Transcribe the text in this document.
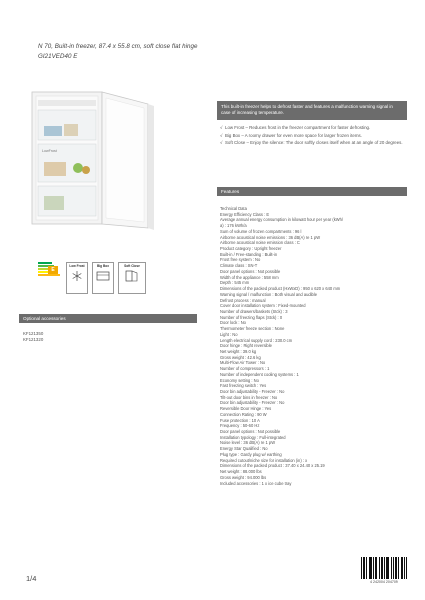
N 70, Built-in freezer, 87.4 x 55.8 cm, soft close flat hinge
GI21VED40 E
LowFrost
E
Low Frost	Big Box	Soft Close
Optional accessories
KF121350
KF121320
This built-in freezer helps to defrost faster and features a malfunction warning signal in case of increasing temperature.
√ Low Frost – Reduces frost in the freezer compartment for faster defrosting.
√ Big Box – A roomy drawer for even more space for larger frozen items.
√ Soft Close – Enjoy the silence: The door softly closes itself when at an angle of 20 degrees.
Features
Technical Data
Energy Efficiency Class : E
Average annual energy consumption in kilowatt hour per year (kWh/
a) : 176 kWh/a
Sum of volume of frozen compartments : 96 l
Airborne acoustical noise emissions : 36 dB(A) re 1 pW
Airborne acoustical noise emission class : C
Product category : Upright freezer
Built-in / Free-standing : Built-in
Frost free system : No
Climate class : SN-T
Door panel options : Not possible
Width of the appliance : 558 mm
Depth : 545 mm
Dimensions of the packed product (HxWxD) : 950 x 620 x 640 mm
Warning signal / malfunction : Both visual and audible
Defrost process : manual
Cover door installation system : Fixed-mounted
Number of drawers/baskets (Stck) : 3
Number of freezing flaps (Stck) : 0
Door lock : No
Thermometer freeze section : None
Light : No
Length electrical supply cord : 230.0 cm
Door hinge : Right reversible
Net weight : 39.0 kg
Gross weight : 42.6 kg
Multi-Flow Air Tower : No
Number of compressors : 1
Number of independent cooling systems : 1
Economy setting : No
Fast freezing switch : Yes
Door bin adjustability - Freezer : No
Tilt-out door bins in freezer : No
Door bin adjustability - Freezer : No
Reversible Door Hinge : Yes
Connection Rating : 90 W
Fuse protection : 10 A
Frequency : 50-60 Hz
Door panel options : Not possible
Installation typology : Full-integrated
Noise level : 36 dB(A) re 1 pW
Energy Star Qualified : No
Plug type : Gardy plug w/ earthing
Required cutout/niche size for installation (in) : x
Dimensions of the packed product : 37.40 x 24.40 x 25.19
Net weight : 88.000 lbs
Gross weight : 94.000 lbs
Included accessories : 1 x ice cube tray
1/4	4 242004 204709
